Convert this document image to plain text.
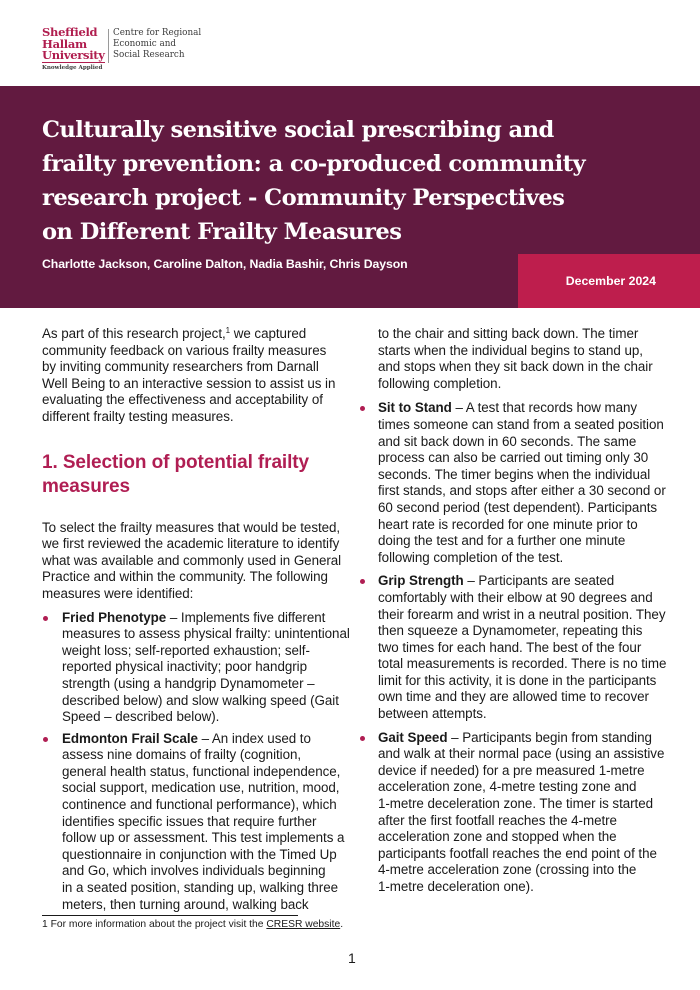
Sheffield
Hallam
University
Knowledge Applied
Centre for Regional
Economic and
Social Research
Culturally sensitive social prescribing and
frailty prevention: a co-produced community
research project - Community Perspectives
on Different Frailty Measures
Charlotte Jackson, Caroline Dalton, Nadia Bashir, Chris Dayson
December 2024

As part of this research project,$^1$ we captured
community feedback on various frailty measures
by inviting community researchers from Darnall
Well Being to an interactive session to assist us in
evaluating the effectiveness and acceptability of
different frailty testing measures.

1. Selection of potential frailty
measures

To select the frailty measures that would be tested,
we first reviewed the academic literature to identify
what was available and commonly used in General
Practice and within the community. The following
measures were identified:

Fried Phenotype – Implements five different
measures to assess physical frailty: unintentional
weight loss; self-reported exhaustion; self-
reported physical inactivity; poor handgrip
strength (using a handgrip Dynamometer –
described below) and slow walking speed (Gait
Speed – described below).
Edmonton Frail Scale – An index used to
assess nine domains of frailty (cognition,
general health status, functional independence,
social support, medication use, nutrition, mood,
continence and functional performance), which
identifies specific issues that require further
follow up or assessment. This test implements a
questionnaire in conjunction with the Timed Up
and Go, which involves individuals beginning
in a seated position, standing up, walking three
meters, then turning around, walking back

to the chair and sitting back down. The timer
starts when the individual begins to stand up,
and stops when they sit back down in the chair
following completion.

Sit to Stand – A test that records how many
times someone can stand from a seated position
and sit back down in 60 seconds. The same
process can also be carried out timing only 30
seconds. The timer begins when the individual
first stands, and stops after either a 30 second or
60 second period (test dependent). Participants
heart rate is recorded for one minute prior to
doing the test and for a further one minute
following completion of the test.
Grip Strength – Participants are seated
comfortably with their elbow at 90 degrees and
their forearm and wrist in a neutral position. They
then squeeze a Dynamometer, repeating this
two times for each hand. The best of the four
total measurements is recorded. There is no time
limit for this activity, it is done in the participants
own time and they are allowed time to recover
between attempts.
Gait Speed – Participants begin from standing
and walk at their normal pace (using an assistive
device if needed) for a pre measured 1-metre
acceleration zone, 4-metre testing zone and
1-metre deceleration zone. The timer is started
after the first footfall reaches the 4-metre
acceleration zone and stopped when the
participants footfall reaches the end point of the
4-metre acceleration zone (crossing into the
1-metre deceleration one).
1 For more information about the project visit the CRESR website.
1
